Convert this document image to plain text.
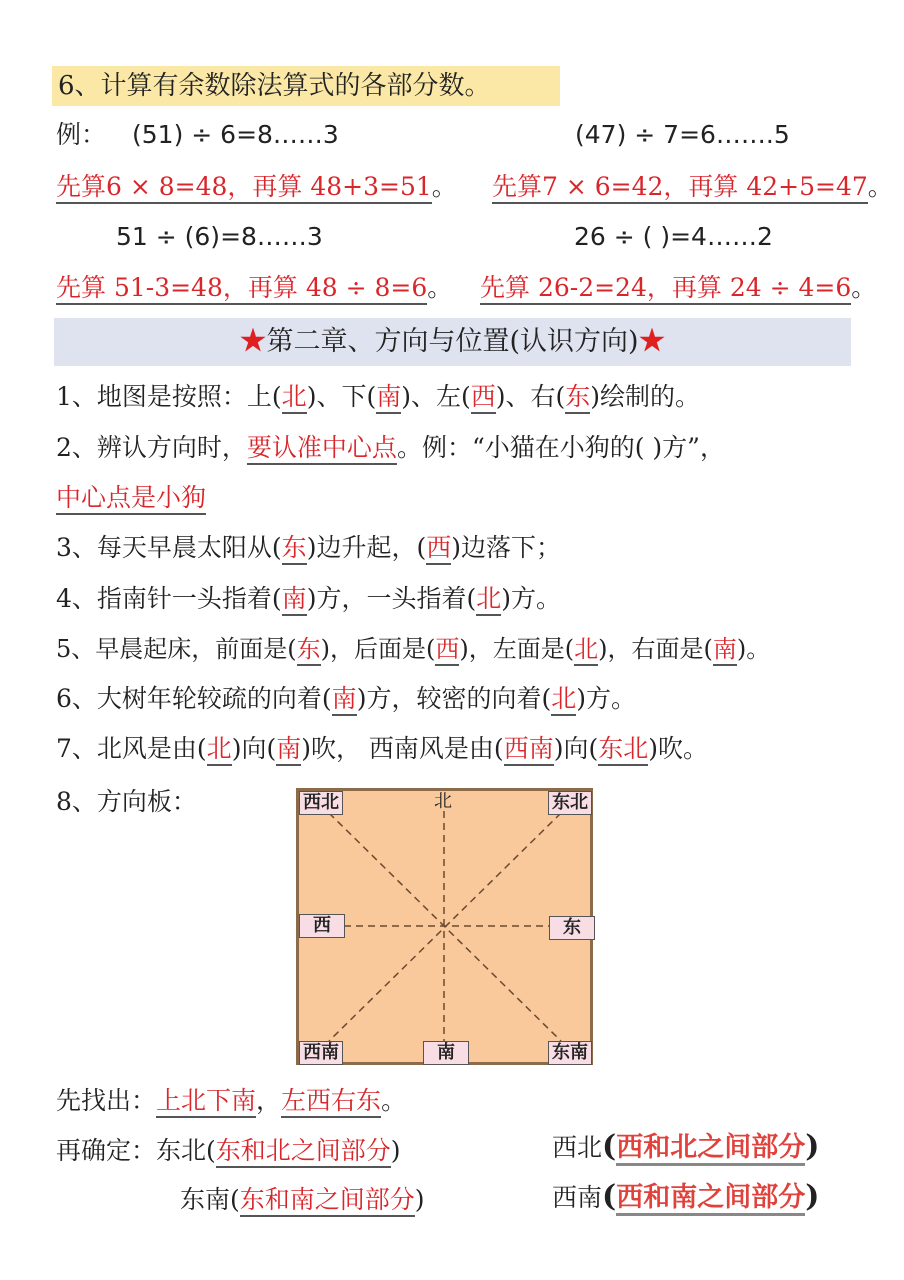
6、计算有余数除法算式的各部分数。
例： (51) ÷ 6=8……3	(47) ÷ 7=6…….5
先算6 × 8=48，再算 48+3=51。 先算7 × 6=42，再算 42+5=47。
51 ÷ (6)=8……3	26 ÷ ( )=4……2
先算 51-3=48，再算 48 ÷ 8=6。 先算 26-2=24，再算 24 ÷ 4=6。
★第二章、方向与位置(认识方向)★
1、地图是按照：上(北)、下(南)、左(西)、右(东)绘制的。
2、辨认方向时，要认准中心点。例：“小猫在小狗的( )方”，
中心点是小狗
3、每天早晨太阳从(东)边升起，(西)边落下；
4、指南针一头指着(南)方，一头指着(北)方。
5、早晨起床，前面是(东)，后面是(西)，左面是(北)，右面是(南)。
6、大树年轮较疏的向着(南)方，较密的向着(北)方。
7、北风是由(北)向(南)吹， 西南风是由(西南)向(东北)吹。
8、方向板：	西北	北	东北
西	东
西南	南	东南
先找出：上北下南，左西右东。
再确定：东北(东和北之间部分)	西北(西和北之间部分)
东南(东和南之间部分)	西南(西和南之间部分)
